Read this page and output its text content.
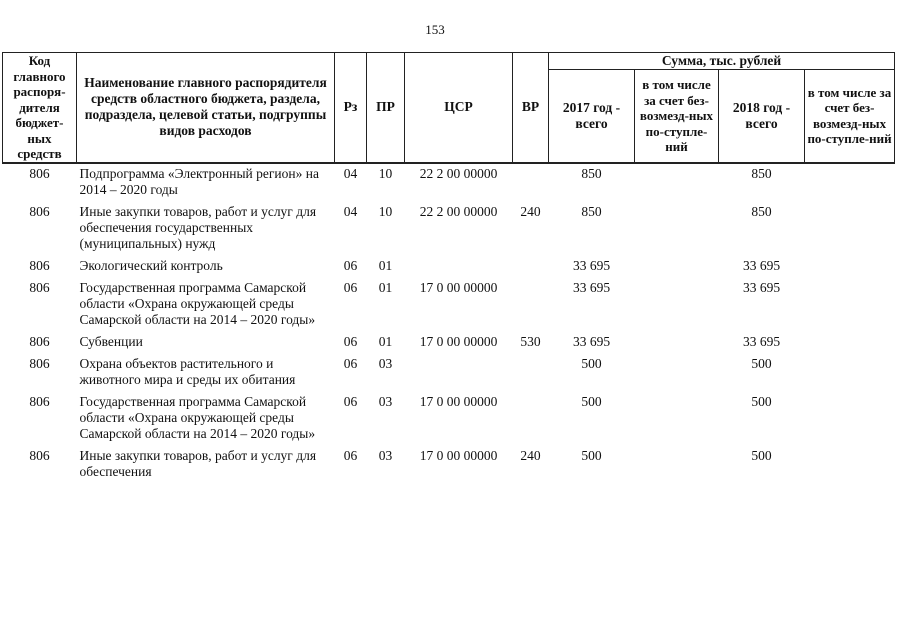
153
Код главного распоря-дителя бюджет-ных средств	Наименование главного распорядителя средств областного бюджета, раздела, подраздела, целевой статьи, подгруппы видов расходов	Рз	ПР	ЦСР	ВР	Сумма, тыс. рублей			
						2017 год - всего	в том числе за счет без-возмезд-ных по-ступле-ний	2018 год - всего	в том числе за счет без-возмезд-ных по-ступле-ний
806	Подпрограмма «Электронный регион» на 2014 – 2020 годы	04	10	22 2 00 00000		850		850	
806	Иные закупки товаров, работ и услуг для обеспечения государственных (муниципальных) нужд	04	10	22 2 00 00000	240	850		850	
806	Экологический контроль	06	01			33 695		33 695	
806	Государственная программа Самарской области «Охрана окружающей среды Самарской области на 2014 – 2020 годы»	06	01	17 0 00 00000		33 695		33 695	
806	Субвенции	06	01	17 0 00 00000	530	33 695		33 695	
806	Охрана объектов растительного и животного мира и среды их обитания	06	03			500		500	
806	Государственная программа Самарской области «Охрана окружающей среды Самарской области на 2014 – 2020 годы»	06	03	17 0 00 00000		500		500	
806	Иные закупки товаров, работ и услуг для обеспечения	06	03	17 0 00 00000	240	500		500	
